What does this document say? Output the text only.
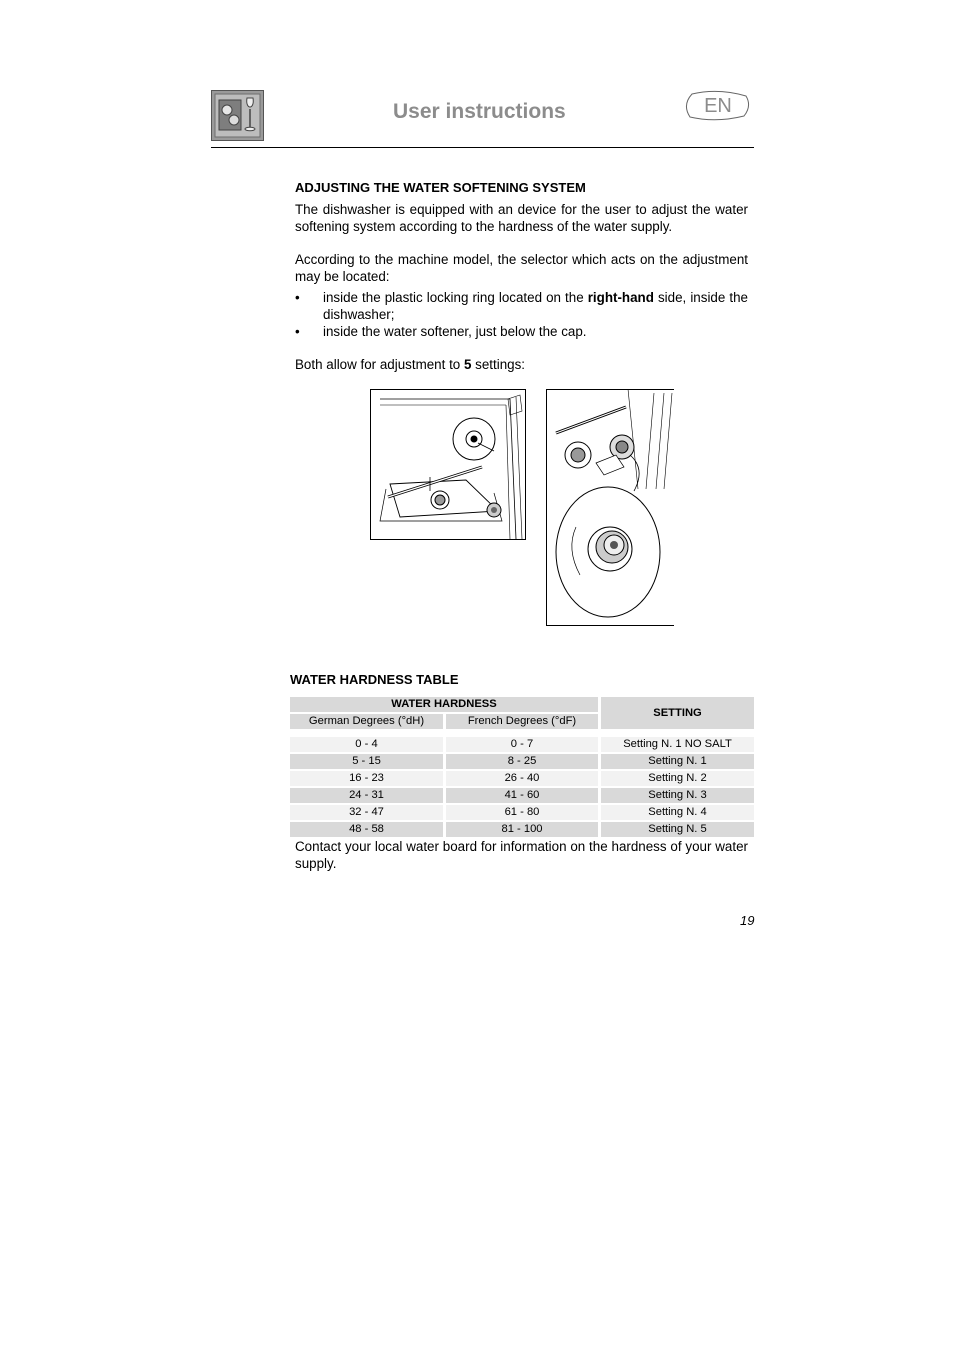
User instructions	EN
ADJUSTING THE WATER SOFTENING SYSTEM
The dishwasher is equipped with an device for the user to adjust the water softening system according to the hardness of the water supply.
According to the machine model, the selector which acts on the adjustment may be located:
• inside the plastic locking ring located on the right-hand side, inside the dishwasher;
• inside the water softener, just below the cap.
Both allow for adjustment to 5 settings:
WATER HARDNESS TABLE
WATER HARDNESS		SETTING
German Degrees (°dH)	French Degrees (°dF)	

0 - 4	0 - 7	Setting N. 1 NO SALT
5 - 15	8 - 25	Setting N. 1
16 - 23	26 - 40	Setting N. 2
24 - 31	41 - 60	Setting N. 3
32 - 47	61 - 80	Setting N. 4
48 - 58	81 - 100	Setting N. 5
Contact your local water board for information on the hardness of your water supply.
19
